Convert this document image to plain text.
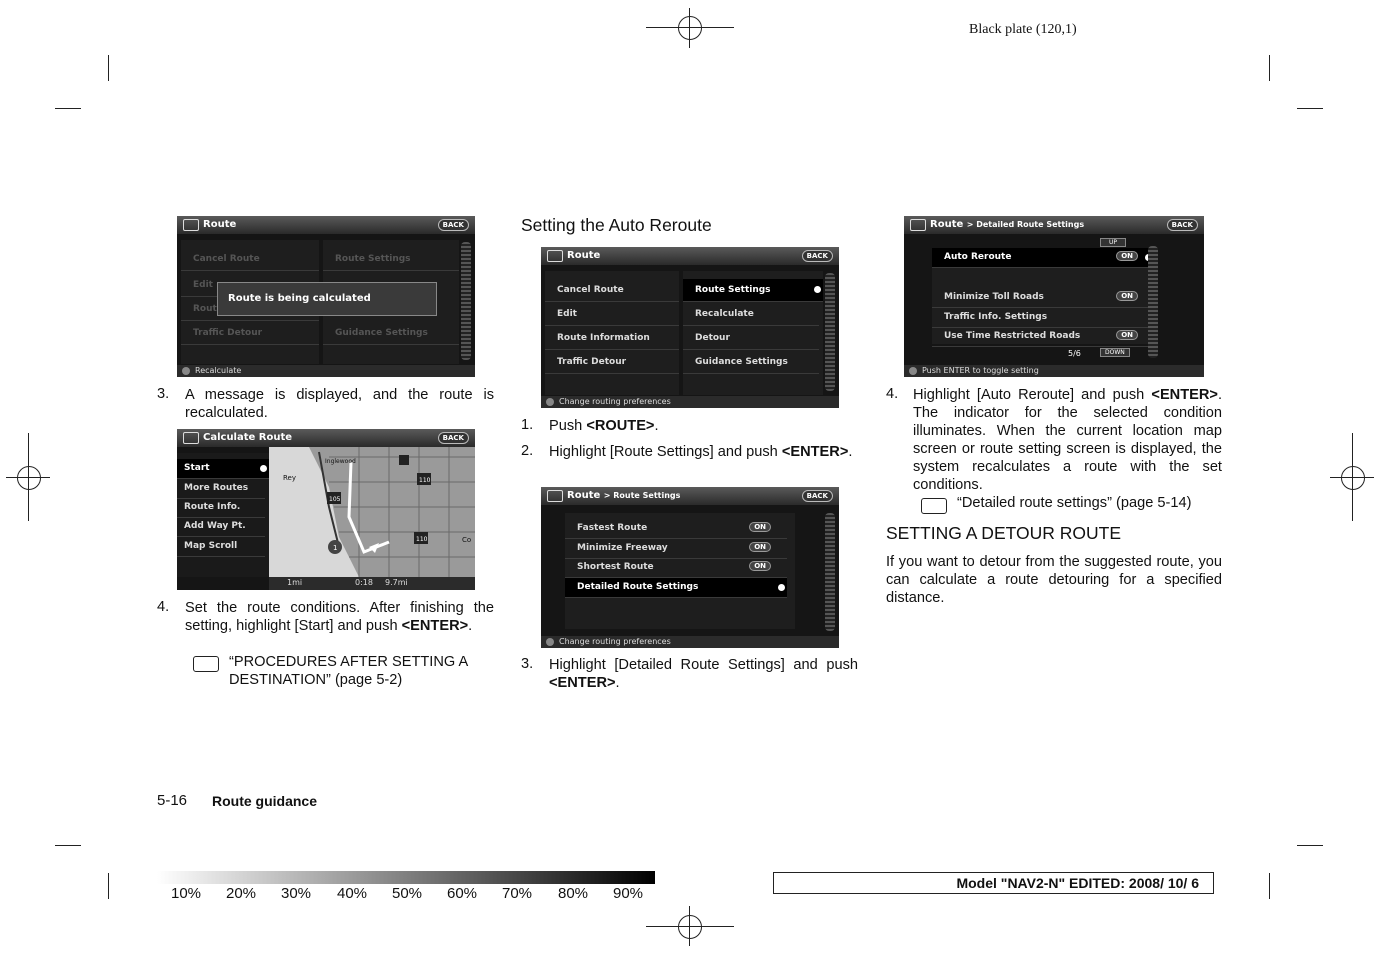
Black plate (120,1)
Route	BACK
Cancel Route
Edit
Rout
Traffic Detour
Route Settings
Guidance Settings
Route is being calculated
Recalculate
3. A message is displayed, and the route is recalculated.
Calculate Route	BACK
Start
More Routes
Route Info.
Add Way Pt.
Map Scroll
Inglewood
Rey	110
105
110
1
Co
1mi	0:18 9.7mi
4. Set the route conditions. After finishing the setting, highlight [Start] and push <ENTER>.
“PROCEDURES AFTER SETTING A DESTINATION” (page 5-2)
Setting the Auto Reroute
Route	BACK
Cancel Route
Edit
Route Information
Traffic Detour
Route Settings
Recalculate
Detour
Guidance Settings
Change routing preferences
1. Push <ROUTE>.
2. Highlight [Route Settings] and push <ENTER>.
Route > Route Settings	BACK
Fastest Route	ON
Minimize Freeway	ON
Shortest Route	ON
Detailed Route Settings
Change routing preferences
3. Highlight [Detailed Route Settings] and push <ENTER>.
Route > Detailed Route Settings	BACK
UP
Auto Reroute	ON
Minimize Toll Roads	ON
Traffic Info. Settings
Use Time Restricted Roads	ON
5/6	DOWN
Push ENTER to toggle setting
4. Highlight [Auto Reroute] and push <ENTER>. The indicator for the selected condition illuminates. When the current location map screen or route setting screen is displayed, the system recalculates a route with the set conditions.
“Detailed route settings” (page 5-14)
SETTING A DETOUR ROUTE
If you want to detour from the suggested route, you can calculate a route detouring for a specified distance.
5-16 Route guidance
10% 20% 30% 40% 50% 60% 70% 80% 90%
Model "NAV2-N" EDITED: 2008/ 10/ 6
